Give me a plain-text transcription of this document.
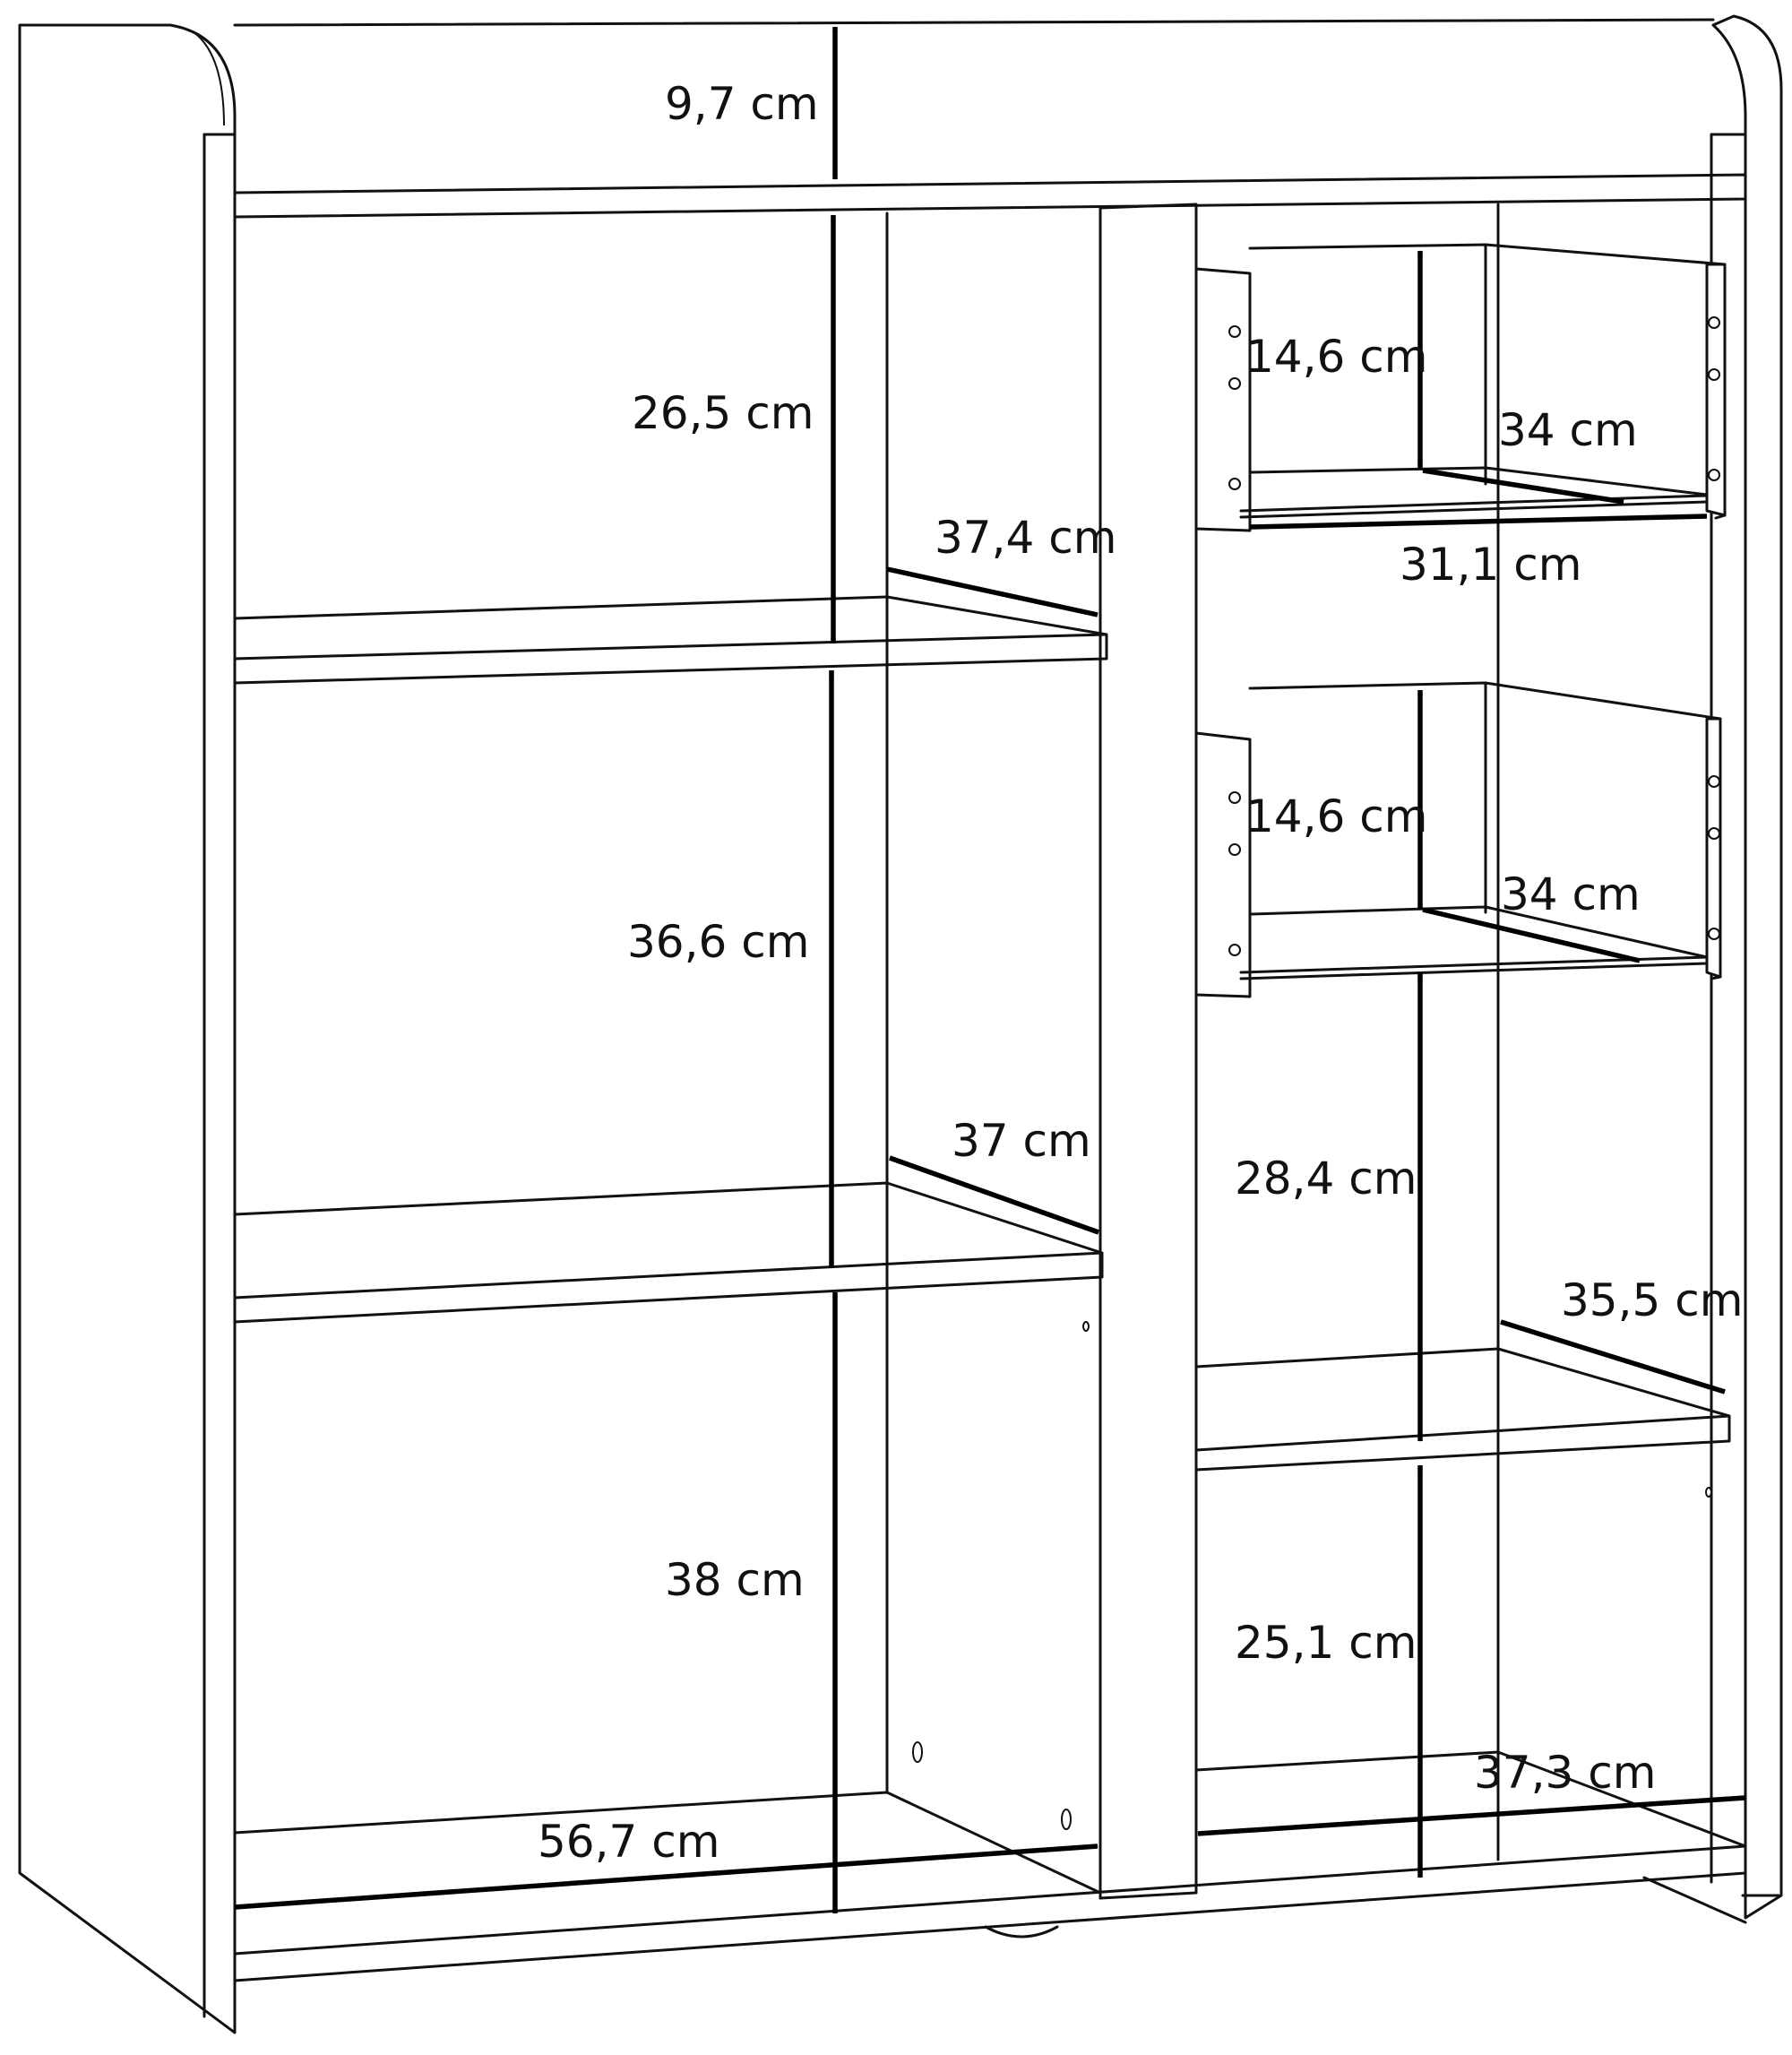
9,7 cm
26,5 cm
37,4 cm
36,6 cm
37 cm
38 cm
56,7 cm
14,6 cm
34 cm
31,1 cm
14,6 cm
34 cm
28,4 cm
35,5 cm
25,1 cm
37,3 cm
